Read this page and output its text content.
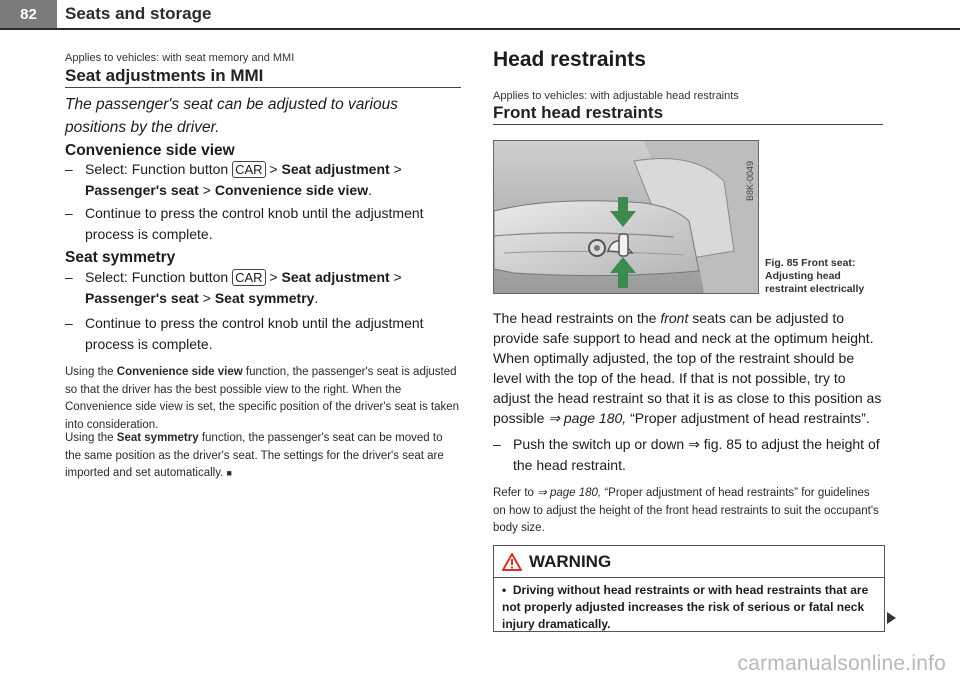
82	Seats and storage
Applies to vehicles: with seat memory and MMI
Seat adjustments in MMI
The passenger's seat can be adjusted to various positions by the driver.
Convenience side view
– Select: Function button CAR > Seat adjustment >
Passenger's seat > Convenience side view.
– Continue to press the control knob until the adjustment process is complete.
Seat symmetry
– Select: Function button CAR > Seat adjustment >
Passenger's seat > Seat symmetry.
– Continue to press the control knob until the adjustment process is complete.
Using the Convenience side view function, the passenger's seat is adjusted so that the driver has the best possible view to the right. When the Convenience side view is set, the specific position of the driver's seat is taken into consideration.
Using the Seat symmetry function, the passenger's seat can be moved to the same position as the driver's seat. The settings for the driver's seat are imported and set automatically. ■
Head restraints
Applies to vehicles: with adjustable head restraints
Front head restraints
B8K-0049
Fig. 85 Front seat: Adjusting head restraint electrically
The head restraints on the front seats can be adjusted to provide safe support to head and neck at the optimum height. When optimally adjusted, the top of the restraint should be level with the top of the head. If that is not possible, try to adjust the head restraint so that it is as close to this position as possible ⇒ page 180, “Proper adjustment of head restraints”.
– Push the switch up or down ⇒ fig. 85 to adjust the height of the head restraint.
Refer to ⇒ page 180, “Proper adjustment of head restraints” for guidelines on how to adjust the height of the front head restraints to suit the occupant's body size.
WARNING
•  Driving without head restraints or with head restraints that are not properly adjusted increases the risk of serious or fatal neck injury dramatically.
carmanualsonline.info
